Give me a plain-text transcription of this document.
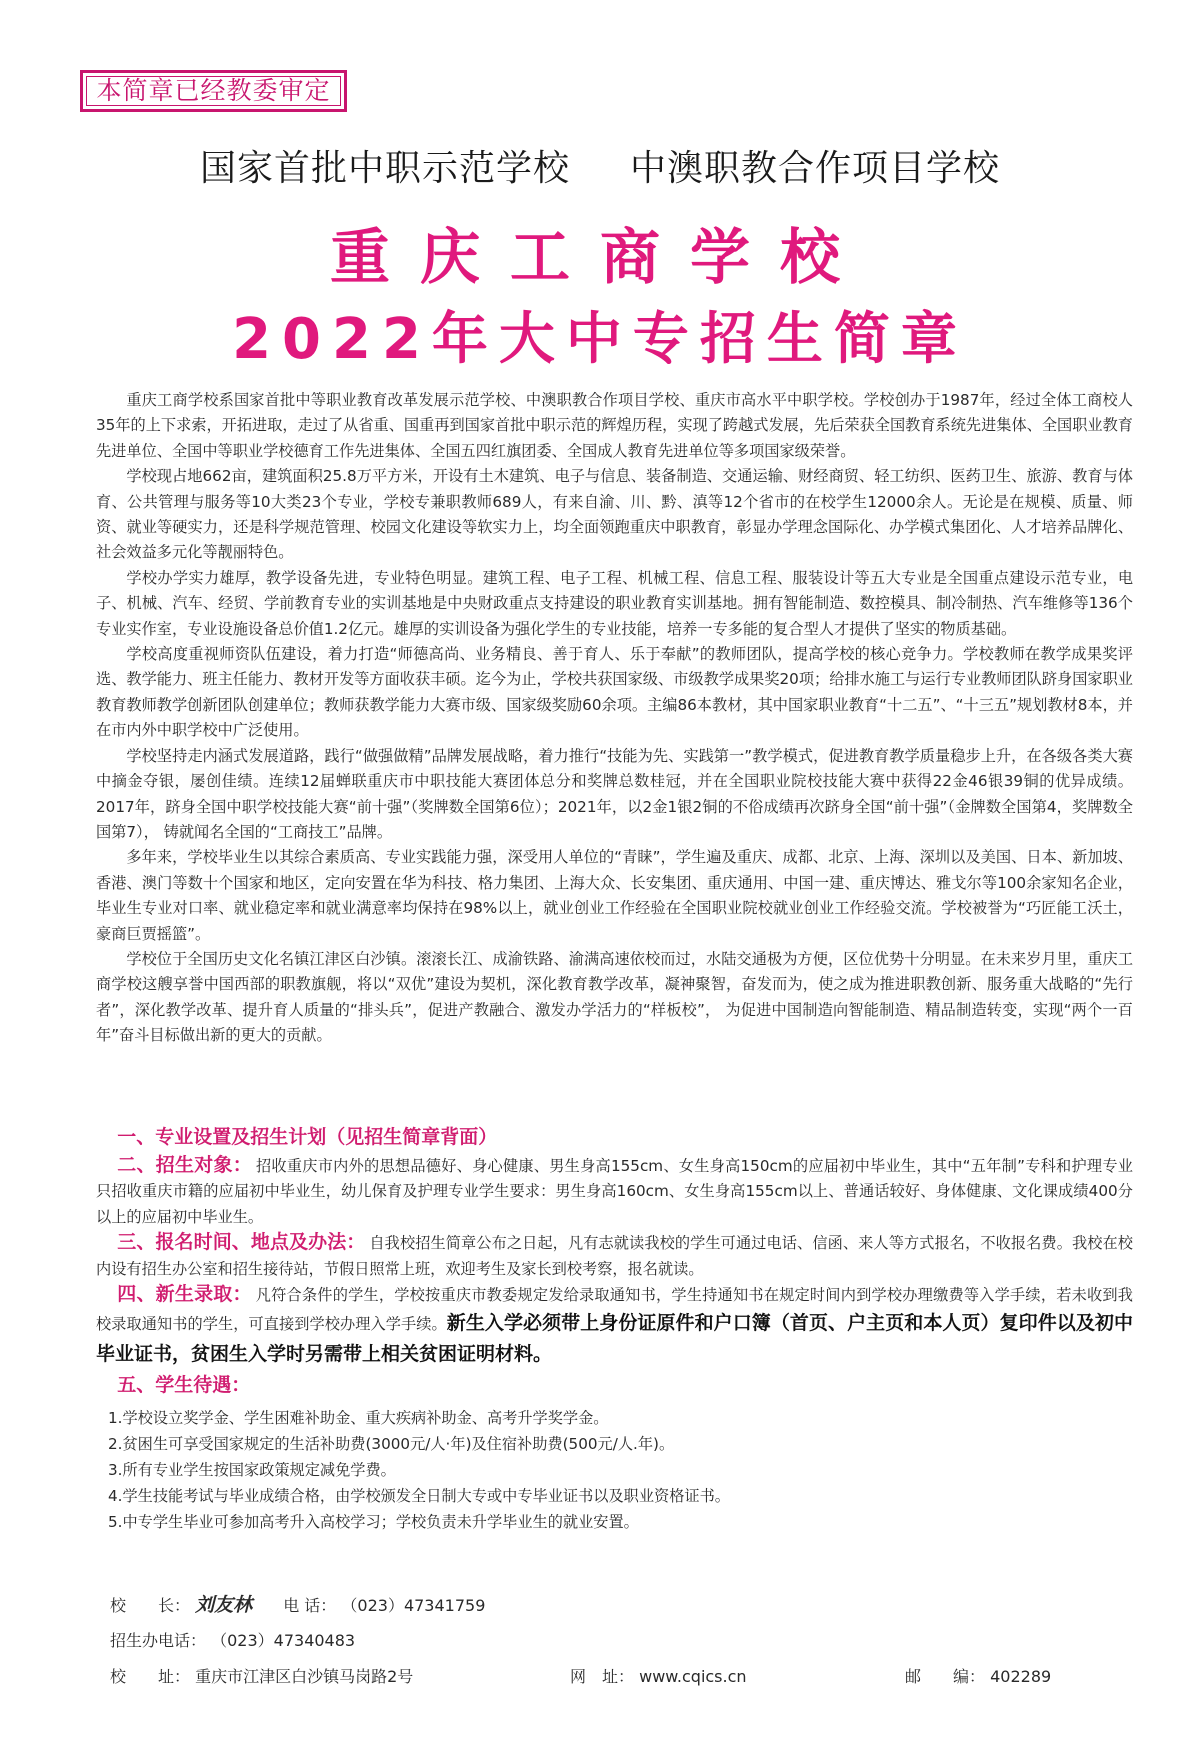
本简章已经教委审定
国家首批中职示范学校 中澳职教合作项目学校
重庆工商学校
2022年大中专招生简章

重庆工商学校系国家首批中等职业教育改革发展示范学校、中澳职教合作项目学校、重庆市高水平中职学校。学校创办于1987年，经过全体工商校人35年的上下求索，开拓进取，走过了从省重、国重再到国家首批中职示范的辉煌历程，实现了跨越式发展，先后荣获全国教育系统先进集体、全国职业教育先进单位、全国中等职业学校德育工作先进集体、全国五四红旗团委、全国成人教育先进单位等多项国家级荣誉。

学校现占地662亩，建筑面积25.8万平方米，开设有土木建筑、电子与信息、装备制造、交通运输、财经商贸、轻工纺织、医药卫生、旅游、教育与体育、公共管理与服务等10大类23个专业，学校专兼职教师689人，有来自渝、川、黔、滇等12个省市的在校学生12000余人。无论是在规模、质量、师资、就业等硬实力，还是科学规范管理、校园文化建设等软实力上，均全面领跑重庆中职教育，彰显办学理念国际化、办学模式集团化、人才培养品牌化、社会效益多元化等靓丽特色。

学校办学实力雄厚，教学设备先进，专业特色明显。建筑工程、电子工程、机械工程、信息工程、服装设计等五大专业是全国重点建设示范专业，电子、机械、汽车、经贸、学前教育专业的实训基地是中央财政重点支持建设的职业教育实训基地。拥有智能制造、数控模具、制冷制热、汽车维修等136个专业实作室，专业设施设备总价值1.2亿元。雄厚的实训设备为强化学生的专业技能，培养一专多能的复合型人才提供了坚实的物质基础。

学校高度重视师资队伍建设，着力打造“师德高尚、业务精良、善于育人、乐于奉献”的教师团队，提高学校的核心竞争力。学校教师在教学成果奖评选、教学能力、班主任能力、教材开发等方面收获丰硕。迄今为止，学校共获国家级、市级教学成果奖20项；给排水施工与运行专业教师团队跻身国家职业教育教师教学创新团队创建单位；教师获教学能力大赛市级、国家级奖励60余项。主编86本教材，其中国家职业教育“十二五”、“十三五”规划教材8本，并在市内外中职学校中广泛使用。

学校坚持走内涵式发展道路，践行“做强做精”品牌发展战略，着力推行“技能为先、实践第一”教学模式，促进教育教学质量稳步上升，在各级各类大赛中摘金夺银，屡创佳绩。连续12届蝉联重庆市中职技能大赛团体总分和奖牌总数桂冠，并在全国职业院校技能大赛中获得22金46银39铜的优异成绩。2017年，跻身全国中职学校技能大赛“前十强”（奖牌数全国第6位）；2021年，以2金1银2铜的不俗成绩再次跻身全国“前十强”（金牌数全国第4，奖牌数全国第7）， 铸就闻名全国的“工商技工”品牌。

多年来，学校毕业生以其综合素质高、专业实践能力强，深受用人单位的“青睐”，学生遍及重庆、成都、北京、上海、深圳以及美国、日本、新加坡、香港、澳门等数十个国家和地区，定向安置在华为科技、格力集团、上海大众、长安集团、重庆通用、中国一建、重庆博达、雅戈尔等100余家知名企业，毕业生专业对口率、就业稳定率和就业满意率均保持在98%以上，就业创业工作经验在全国职业院校就业创业工作经验交流。学校被誉为“巧匠能工沃土，豪商巨贾摇篮”。

学校位于全国历史文化名镇江津区白沙镇。滚滚长江、成渝铁路、渝满高速依校而过，水陆交通极为方便，区位优势十分明显。在未来岁月里，重庆工商学校这艘享誉中国西部的职教旗舰，将以“双优”建设为契机，深化教育教学改革，凝神聚智，奋发而为，使之成为推进职教创新、服务重大战略的“先行者”，深化教学改革、提升育人质量的“排头兵”，促进产教融合、激发办学活力的“样板校”， 为促进中国制造向智能制造、精品制造转变，实现“两个一百年”奋斗目标做出新的更大的贡献。

一、专业设置及招生计划（见招生简章背面）

二、招生对象： 招收重庆市内外的思想品德好、身心健康、男生身高155cm、女生身高150cm的应届初中毕业生，其中“五年制”专科和护理专业只招收重庆市籍的应届初中毕业生，幼儿保育及护理专业学生要求：男生身高160cm、女生身高155cm以上、普通话较好、身体健康、文化课成绩400分以上的应届初中毕业生。

三、报名时间、地点及办法： 自我校招生简章公布之日起，凡有志就读我校的学生可通过电话、信函、来人等方式报名，不收报名费。我校在校内设有招生办公室和招生接待站，节假日照常上班，欢迎考生及家长到校考察，报名就读。

四、新生录取： 凡符合条件的学生，学校按重庆市教委规定发给录取通知书，学生持通知书在规定时间内到学校办理缴费等入学手续，若未收到我校录取通知书的学生，可直接到学校办理入学手续。新生入学必须带上身份证原件和户口簿（首页、户主页和本人页）复印件以及初中毕业证书，贫困生入学时另需带上相关贫困证明材料。

五、学生待遇：

1.学校设立奖学金、学生困难补助金、重大疾病补助金、高考升学奖学金。
2.贫困生可享受国家规定的生活补助费(3000元/人·年)及住宿补助费(500元/人.年)。
3.所有专业学生按国家政策规定减免学费。
4.学生技能考试与毕业成绩合格，由学校颁发全日制大专或中专毕业证书以及职业资格证书。
5.中专学生毕业可参加高考升入高校学习；学校负责未升学毕业生的就业安置。
校　　长： 刘友林 电 话： （023）47341759
招生办电话： （023）47340483
校　　址： 重庆市江津区白沙镇马岗路2号	网　址： www.cqics.cn	邮　　编： 402289
